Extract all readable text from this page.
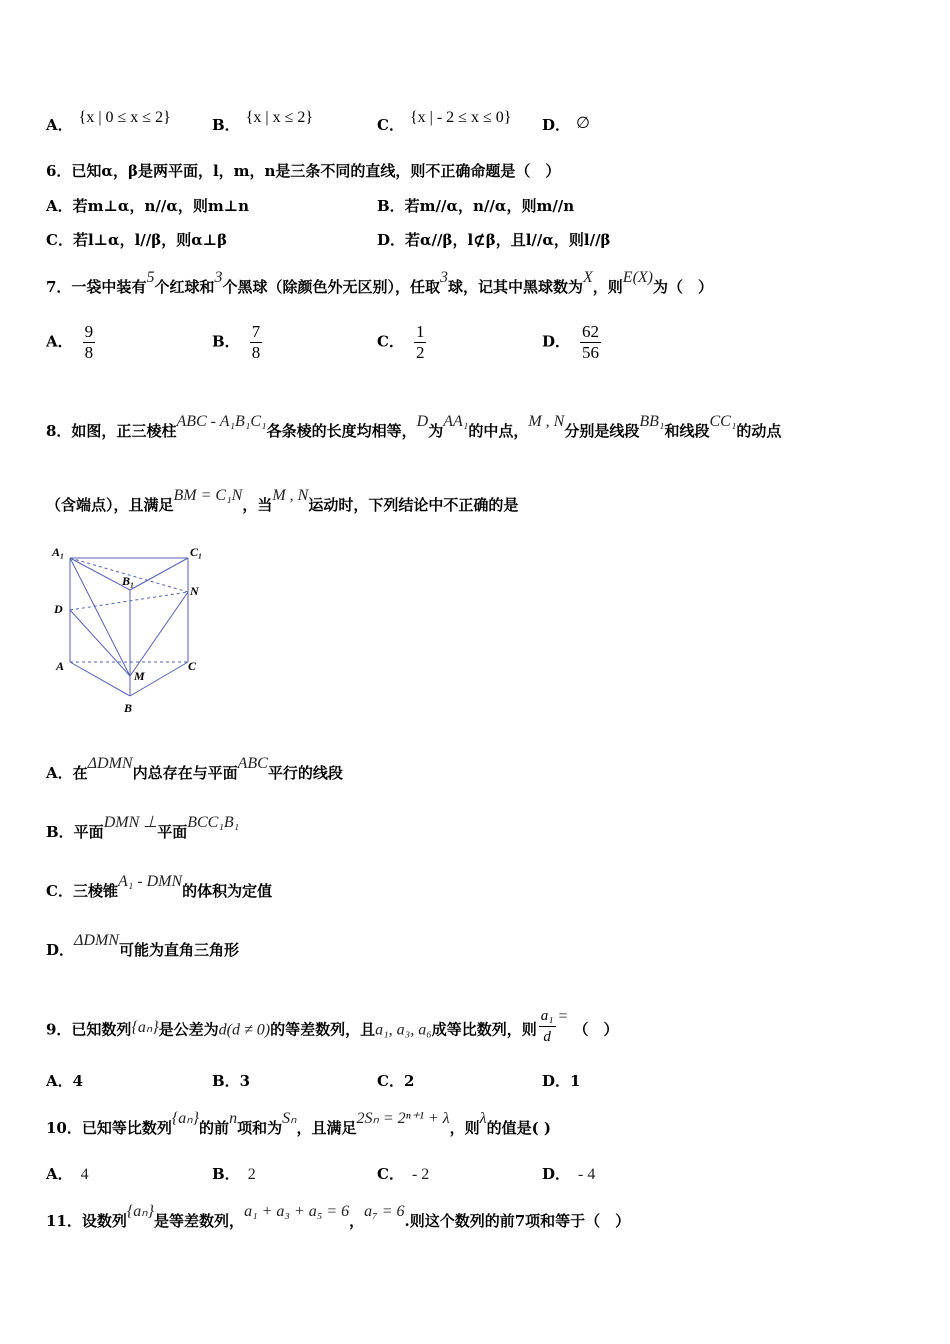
A． {x | 0 ≤ x ≤ 2}	B． {x | x ≤ 2}	C． {x | - 2 ≤ x ≤ 0} D． ∅
6．已知α，β是两平面，l，m，n是三条不同的直线，则不正确命题是（　）
A．若m⊥α，n//α，则m⊥n	B．若m//α，n//α，则m//n
C．若l⊥α，l//β，则α⊥β	D．若α//β，l⊄β，且l//α，则l//β
7．一袋中装有5个红球和3个黑球（除颜色外无区别），任取3球，记其中黑球数为X，则E(X)为（　）
A． $\frac{9}{8}$	B． $\frac{7}{8}$	C． $\frac{1}{2}$	D． $\frac{62}{56}$
8．如图，正三棱柱ABC - A₁B₁C₁各条棱的长度均相等，D为AA₁的中点，M , N分别是线段BB₁和线段CC₁的动点
（含端点），且满足BM = C₁N，当M , N运动时，下列结论中不正确的是
A₁	C₁
B₁
N
D
A	C
M
B
A．在ΔDMN内总存在与平面ABC平行的线段
B．平面DMN ⊥平面BCC₁B₁
C．三棱锥A₁ - DMN的体积为定值
D．ΔDMN可能为直角三角形
9．已知数列{aₙ}是公差为d(d ≠ 0)的等差数列，且a₁, a₃, a₆成等比数列，则 $\frac{\text{a₁}}{d}$ = （　）
A．4	B．3	C．2	D．1
10．已知等比数列{aₙ}的前n项和为Sₙ，且满足2Sₙ = 2ⁿ⁺¹ + λ，则λ的值是( )
A． 4	B． 2	C． - 2	D． - 4
11．设数列{aₙ}是等差数列，a₁ + a₃ + a₅ = 6，a₇ = 6.则这个数列的前7项和等于（　）
